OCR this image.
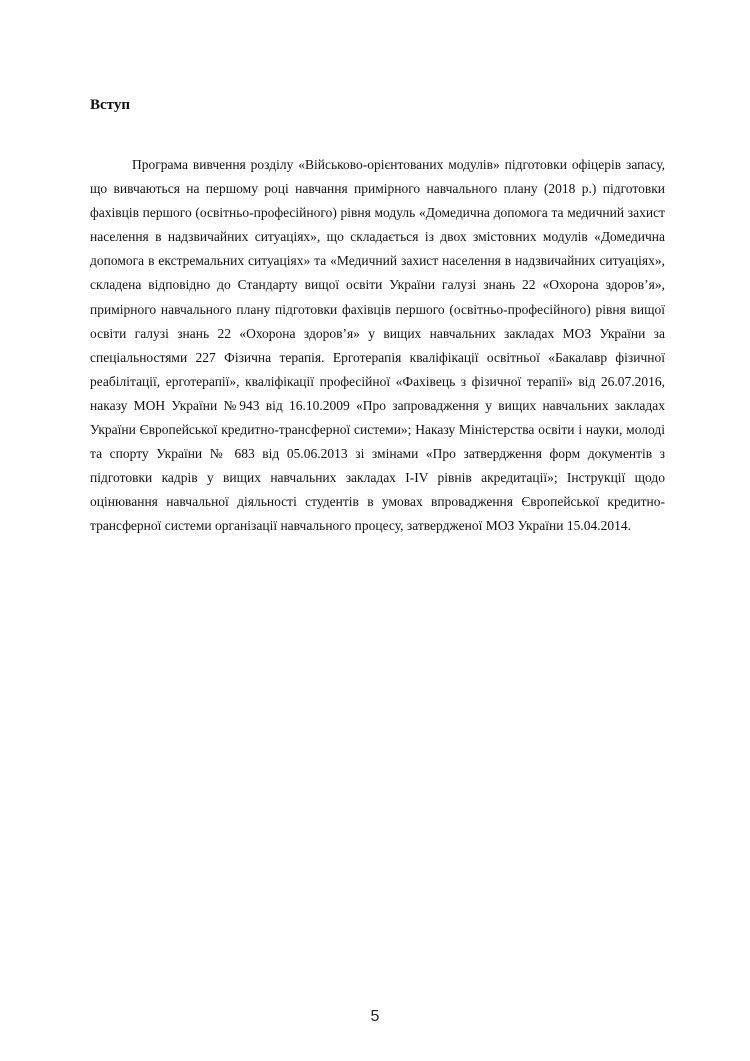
Вступ

Програма вивчення розділу «Військово-орієнтованих модулів» підготовки офіцерів запасу, що вивчаються на першому році навчання примірного навчального плану (2018 р.) підготовки фахівців першого (освітньо-професійного) рівня модуль «Домедична допомога та медичний захист населення в надзвичайних ситуаціях», що складається із двох змістовних модулів «Домедична допомога в екстремальних ситуаціях» та «Медичний захист населення в надзвичайних ситуаціях», складена відповідно до Стандарту вищої освіти України галузі знань 22 «Охорона здоров’я», примірного навчального плану підготовки фахівців першого (освітньо-професійного) рівня вищої освіти галузі знань 22 «Охорона здоров’я» у вищих навчальних закладах МОЗ України за спеціальностями 227 Фізична терапія. Ерготерапія кваліфікації освітньої «Бакалавр фізичної реабілітації, ерготерапії», кваліфікації професійної «Фахівець з фізичної терапії» від 26.07.2016, наказу МОН України №943 від 16.10.2009 «Про запровадження у вищих навчальних закладах України Європейської кредитно-трансферної системи»; Наказу Міністерства освіти і науки, молоді та спорту України № 683 від 05.06.2013 зі змінами «Про затвердження форм документів з підготовки кадрів у вищих навчальних закладах I-IV рівнів акредитації»; Інструкції щодо оцінювання навчальної діяльності студентів в умовах впровадження Європейської кредитно-трансферної системи організації навчального процесу, затвердженої МОЗ України 15.04.2014.

5
